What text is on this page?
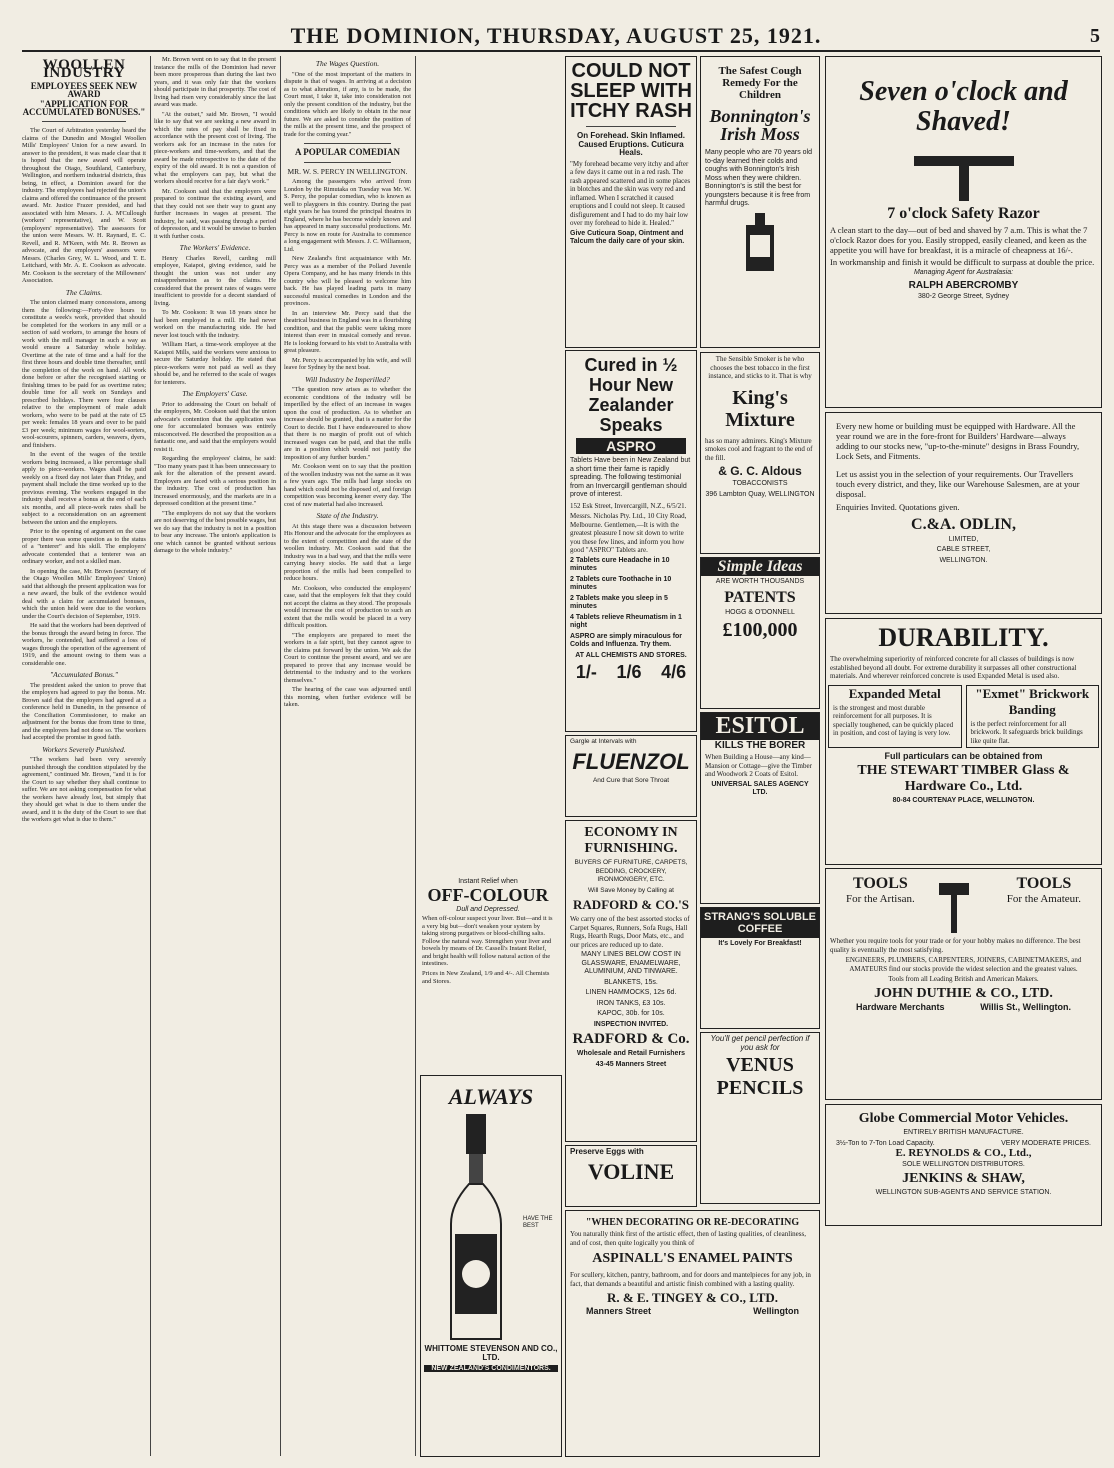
THE DOMINION, THURSDAY, AUGUST 25, 1921.	5
WOOLLEN INDUSTRY
EMPLOYEES SEEK NEW AWARD
"APPLICATION FOR ACCUMULATED BONUSES."

The Court of Arbitration yesterday heard the claims of the Dunedin and Mosgiel Woollen Mills' Employees' Union for a new award. In answer to the president, it was made clear that it is hoped that the new award will operate throughout the Otago, Southland, Canterbury, Wellington, and northern industrial districts, thus being, in effect, a Dominion award for the industry. The employees had rejected the union's claims and offered the continuance of the present award. Mr. Justice Frazer presided, and had associated with him Messrs. J. A. M'Cullough (workers' representative), and W. Scott (employers' representative). The assessors for the union were Messrs. W. H. Raynard, E. C. Revell, and R. M'Keen, with Mr. R. Brown as advocate, and the employers' assessors were Messrs. (Charles Grey, W. L. Wood, and T. E. Leitchard, with Mr. A. E. Cookson as advocate. Mr. Cookson is the secretary of the Millowners' Association.

The Claims.

The union claimed many concessions, among them the following:—Forty-five hours to constitute a week's work, provided that should be completed for the workers in any mill or a section of said workers, to arrange the hours of work with the mill manager in such a way as would ensure a Saturday whole holiday. Overtime at the rate of time and a half for the first three hours and double time thereafter, until the completion of the work on hand. All work done before or after the recognised starting or finishing times to be paid for as overtime rates; double time for all work on Sundays and prescribed holidays. There were four clauses relative to the employment of male adult workers, who were to be paid at the rate of £5 per week: females 18 years and over to be paid £3 per week; minimum wages for wool-sorters, wool-scourers, spinners, carders, weavers, dyers, and finishers.

In the event of the wages of the textile workers being increased, a like percentage shall apply to piece-workers. Wages shall be paid weekly on a fixed day not later than Friday, and payment shall include the time worked up to the previous evening. The workers engaged in the industry shall receive a bonus at the end of each six months, and all piece-work rates shall be subject to a reconsideration on an agreement between the union and the employers.

Prior to the opening of argument on the case proper there was some question as to the status of a "tenterer" and his skill. The employers' advocate contended that a tenterer was an ordinary worker, and not a skilled man.

In opening the case, Mr. Brown (secretary of the Otago Woollen Mills' Employees' Union) said that although the present application was for a new award, the bulk of the evidence would deal with a claim for accumulated bonuses, which the union held were due to the workers under the Court's decision of September, 1919.

He said that the workers had been deprived of the bonus through the award being in force. The workers, he contended, had suffered a loss of wages through the operation of the agreement of 1919, and the amount owing to them was a considerable one.

"Accumulated Bonus."

The president asked the union to prove that the employers had agreed to pay the bonus. Mr. Brown said that the employers had agreed at a conference held in Dunedin, in the presence of the Conciliation Commissioner, to make an adjustment for the bonus due from time to time, and the employers had not done so. The workers had accepted the promise in good faith.

Workers Severely Punished.

"The workers had been very severely punished through the condition stipulated by the agreement," continued Mr. Brown, "and it is for the Court to say whether they shall continue to suffer. We are not asking compensation for what the workers have already lost, but simply that they should get what is due to them under the award, and it is the duty of the Court to see that the workers get what is due to them."

Mr. Brown went on to say that in the present instance the mills of the Dominion had never been more prosperous than during the last two years, and it was only fair that the workers should participate in that prosperity. The cost of living had risen very considerably since the last award was made.

"At the outset," said Mr. Brown, "I would like to say that we are seeking a new award in which the rates of pay shall be fixed in accordance with the present cost of living. The workers ask for an increase in the rates for piece-workers and time-workers, and that the award be made retrospective to the date of the expiry of the old award. It is not a question of what the employers can pay, but what the workers should receive for a fair day's work."

Mr. Cookson said that the employers were prepared to continue the existing award, and that they could not see their way to grant any further increases in wages at present. The industry, he said, was passing through a period of depression, and it would be unwise to burden it with further costs.

The Workers' Evidence.

Henry Charles Revell, carding mill employee, Kaiapoi, giving evidence, said he thought the union was not under any misapprehension as to the claims. He considered that the present rates of wages were insufficient to provide for a decent standard of living.

To Mr. Cookson: It was 18 years since he had been employed in a mill. He had never worked on the manufacturing side. He had never lost touch with the industry.

William Hart, a time-work employee at the Kaiapoi Mills, said the workers were anxious to secure the Saturday holiday. He stated that piece-workers were not paid as well as they should be, and he referred to the scale of wages for tenterers.

The Employers' Case.

Prior to addressing the Court on behalf of the employers, Mr. Cookson said that the union advocate's contention that the application was one for accumulated bonuses was entirely misconceived. He described the proposition as a fantastic one, and said that the employers would resist it.

Regarding the employees' claims, he said: "Too many years past it has been unnecessary to ask for the alteration of the present award. Employers are faced with a serious position in the industry. The cost of production has increased enormously, and the markets are in a depressed condition at the present time."

"The employers do not say that the workers are not deserving of the best possible wages, but we do say that the industry is not in a position to bear any increase. The union's application is one which cannot be granted without serious damage to the whole industry."

The Wages Question.

"One of the most important of the matters in dispute is that of wages. In arriving at a decision as to what alteration, if any, is to be made, the Court must, I take it, take into consideration not only the present condition of the industry, but the conditions which are likely to obtain in the near future. We are asked to consider the position of the mills at the present time, and the prospect of trade for the coming year."

A POPULAR COMEDIAN
MR. W. S. PERCY IN WELLINGTON.

Among the passengers who arrived from London by the Rimutaka on Tuesday was Mr. W. S. Percy, the popular comedian, who is known as well to playgoers in this country. During the past eight years he has toured the principal theatres in England, where he has become widely known and has appeared in many successful productions. Mr. Percy is now en route for Australia to commence a long engagement with Messrs. J. C. Williamson, Ltd.

New Zealand's first acquaintance with Mr. Percy was as a member of the Pollard Juvenile Opera Company, and he has many friends in this country who will be pleased to welcome him back. He has played leading parts in many successful musical comedies in London and the provinces.

In an interview Mr. Percy said that the theatrical business in England was in a flourishing condition, and that the public were taking more interest than ever in musical comedy and revue. He is looking forward to his visit to Australia with great pleasure.

Mr. Percy is accompanied by his wife, and will leave for Sydney by the next boat.

Will Industry be Imperilled?

"The question now arises as to whether the economic conditions of the industry will be imperilled by the effect of an increase in wages upon the cost of production. As to whether an increase should be granted, that is a matter for the Court to decide. But I have endeavoured to show that there is no margin of profit out of which increased wages can be paid, and that the mills are in a position which would not justify the imposition of any further burden."

Mr. Cookson went on to say that the position of the woollen industry was not the same as it was a few years ago. The mills had large stocks on hand which could not be disposed of, and foreign competition was becoming keener every day. The cost of raw material had also increased.

State of the Industry.

At this stage there was a discussion between His Honour and the advocate for the employees as to the extent of competition and the state of the woollen industry. Mr. Cookson said that the industry was in a bad way, and that the mills were carrying heavy stocks. He said that a large proportion of the mills had been compelled to reduce hours.

Mr. Cookson, who conducted the employers' case, said that the employers felt that they could not accept the claims as they stood. The proposals would increase the cost of production to such an extent that the mills would be placed in a very difficult position.

"The employers are prepared to meet the workers in a fair spirit, but they cannot agree to the claims put forward by the union. We ask the Court to continue the present award, and we are prepared to prove that any increase would be detrimental to the industry and to the workers themselves."

The hearing of the case was adjourned until this morning, when further evidence will be taken.

Instant Relief when
OFF-COLOUR
Dull and Depressed.

When off-colour suspect your liver. But—and it is a very big but—don't weaken your system by taking strong purgatives or blood-chilling salts. Follow the natural way. Strengthen your liver and bowels by means of Dr. Cassell's Instant Relief, and bright health will follow natural action of the intestines.

Prices in New Zealand, 1/9 and 4/-. All Chemists and Stores.

ALWAYS
HAVE THE BEST
WHITTOME STEVENSON AND CO., LTD.
NEW ZEALAND'S CONDIMENTORS.
COULD NOT SLEEP WITH ITCHY RASH

On Forehead. Skin Inflamed. Caused Eruptions. Cuticura Heals.

"My forehead became very itchy and after a few days it came out in a red rash. The rash appeared scattered and in some places in blotches and the skin was very red and inflamed. When I scratched it caused eruptions and I could not sleep. It caused disfigurement and I had to do my hair low over my forehead to hide it. Healed."

Give Cuticura Soap, Ointment and Talcum the daily care of your skin.

Cured in ½ Hour New Zealander Speaks
ASPRO

Tablets Have been in New Zealand but a short time their fame is rapidly spreading. The following testimonial from an Invercargill gentleman should prove of interest.

152 Esk Street, Invercargill, N.Z., 6/5/21.

Messrs. Nicholas Pty. Ltd., 10 City Road, Melbourne. Gentlemen,—It is with the greatest pleasure I now sit down to write you these few lines, and inform you how good "ASPRO" Tablets are.

2 Tablets cure Headache in 10 minutes

2 Tablets cure Toothache in 10 minutes

2 Tablets make you sleep in 5 minutes

4 Tablets relieve Rheumatism in 1 night

ASPRO are simply miraculous for Colds and Influenza. Try them.

AT ALL CHEMISTS AND STORES.

1/- 1/6 4/6

Gargle at Intervals with

FLUENZOL

And Cure that Sore Throat

ECONOMY IN FURNISHING.

BUYERS OF FURNITURE, CARPETS, BEDDING, CROCKERY, IRONMONGERY, ETC.

Will Save Money by Calling at

RADFORD & CO.'S

We carry one of the best assorted stocks of Carpet Squares, Runners, Sofa Rugs, Hall Rugs, Hearth Rugs, Door Mats, etc., and our prices are reduced up to date.

MANY LINES BELOW COST IN GLASSWARE, ENAMELWARE, ALUMINIUM, AND TINWARE.

BLANKETS, 15s.

LINEN HAMMOCKS, 12s 6d.

IRON TANKS, £3 10s.

KAPOC, 30b. for 10s.

INSPECTION INVITED.

RADFORD & Co.

Wholesale and Retail Furnishers

43-45 Manners Street

Preserve Eggs with

VOLINE
The Safest Cough Remedy For the Children
Bonnington's Irish Moss

Many people who are 70 years old to-day learned their colds and coughs with Bonnington's Irish Moss when they were children. Bonnington's is still the best for youngsters because it is free from harmful drugs.

The Sensible Smoker is he who chooses the best tobacco in the first instance, and sticks to it. That is why

King's Mixture

has so many admirers. King's Mixture smokes cool and fragrant to the end of the fill.

& G. C. Aldous

TOBACCONISTS

396 Lambton Quay, WELLINGTON

Simple Ideas

ARE WORTH THOUSANDS

PATENTS

HOGG & O'DONNELL

£100,000
ESITOL
KILLS THE BORER

When Building a House—any kind—Mansion or Cottage—give the Timber and Woodwork 2 Coats of Esitol.

UNIVERSAL SALES AGENCY LTD.

STRANG'S SOLUBLE COFFEE

It's Lovely For Breakfast!

You'll get pencil perfection if you ask for

VENUS PENCILS
"WHEN DECORATING OR RE-DECORATING

You naturally think first of the artistic effect, then of lasting qualities, of cleanliness, and of cost, then quite logically you think of

ASPINALL'S ENAMEL PAINTS

For scullery, kitchen, pantry, bathroom, and for doors and mantelpieces for any job, in fact, that demands a beautiful and artistic finish combined with a lasting quality.

R. & E. TINGEY & CO., LTD.
Manners Street	Wellington
Seven o'clock and Shaved!
7 o'clock Safety Razor

A clean start to the day—out of bed and shaved by 7 a.m. This is what the 7 o'clock Razor does for you. Easily stropped, easily cleaned, and keen as the appetite you will have for breakfast, it is a miracle of cheapness at 16/-.

In workmanship and finish it would be difficult to surpass at double the price.

Managing Agent for Australasia:

RALPH ABERCROMBY

380-2 George Street, Sydney

Every new home or building must be equipped with Hardware. All the year round we are in the fore-front for Builders' Hardware—always adding to our stocks new, "up-to-the-minute" designs in Brass Foundry, Lock Sets, and Fitments.

Let us assist you in the selection of your requirements. Our Travellers touch every district, and they, like our Warehouse Salesmen, are at your disposal.

Enquiries Invited. Quotations given.

C.&A. ODLIN,

LIMITED,

CABLE STREET,

WELLINGTON.

DURABILITY.

The overwhelming superiority of reinforced concrete for all classes of buildings is now established beyond all doubt. For extreme durability it surpasses all other constructional materials. And wherever reinforced concrete is used Expanded Metal is used also.

Expanded Metal

is the strongest and most durable reinforcement for all purposes. It is specially toughened, can be quickly placed in position, and cost of laying is very low.

"Exmet" Brickwork Banding

is the perfect reinforcement for all brickwork. It safeguards brick buildings like quite flat.

Full particulars can be obtained from

THE STEWART TIMBER Glass & Hardware Co., Ltd.

80-84 COURTENAY PLACE, WELLINGTON.

TOOLS
For the Artisan.
TOOLS
For the Amateur.

Whether you require tools for your trade or for your hobby makes no difference. The best quality is eventually the most satisfying.

ENGINEERS, PLUMBERS, CARPENTERS, JOINERS, CABINETMAKERS, and AMATEURS find our stocks provide the widest selection and the greatest values.

Tools from all Leading British and American Makers.

JOHN DUTHIE & CO., LTD.
Hardware Merchants	Willis St., Wellington.
Globe Commercial Motor Vehicles.

ENTIRELY BRITISH MANUFACTURE.

3½-Ton to 7-Ton Load Capacity.	VERY MODERATE PRICES.
E. REYNOLDS & CO., Ltd.,

SOLE WELLINGTON DISTRIBUTORS.

JENKINS & SHAW,

WELLINGTON SUB-AGENTS AND SERVICE STATION.
